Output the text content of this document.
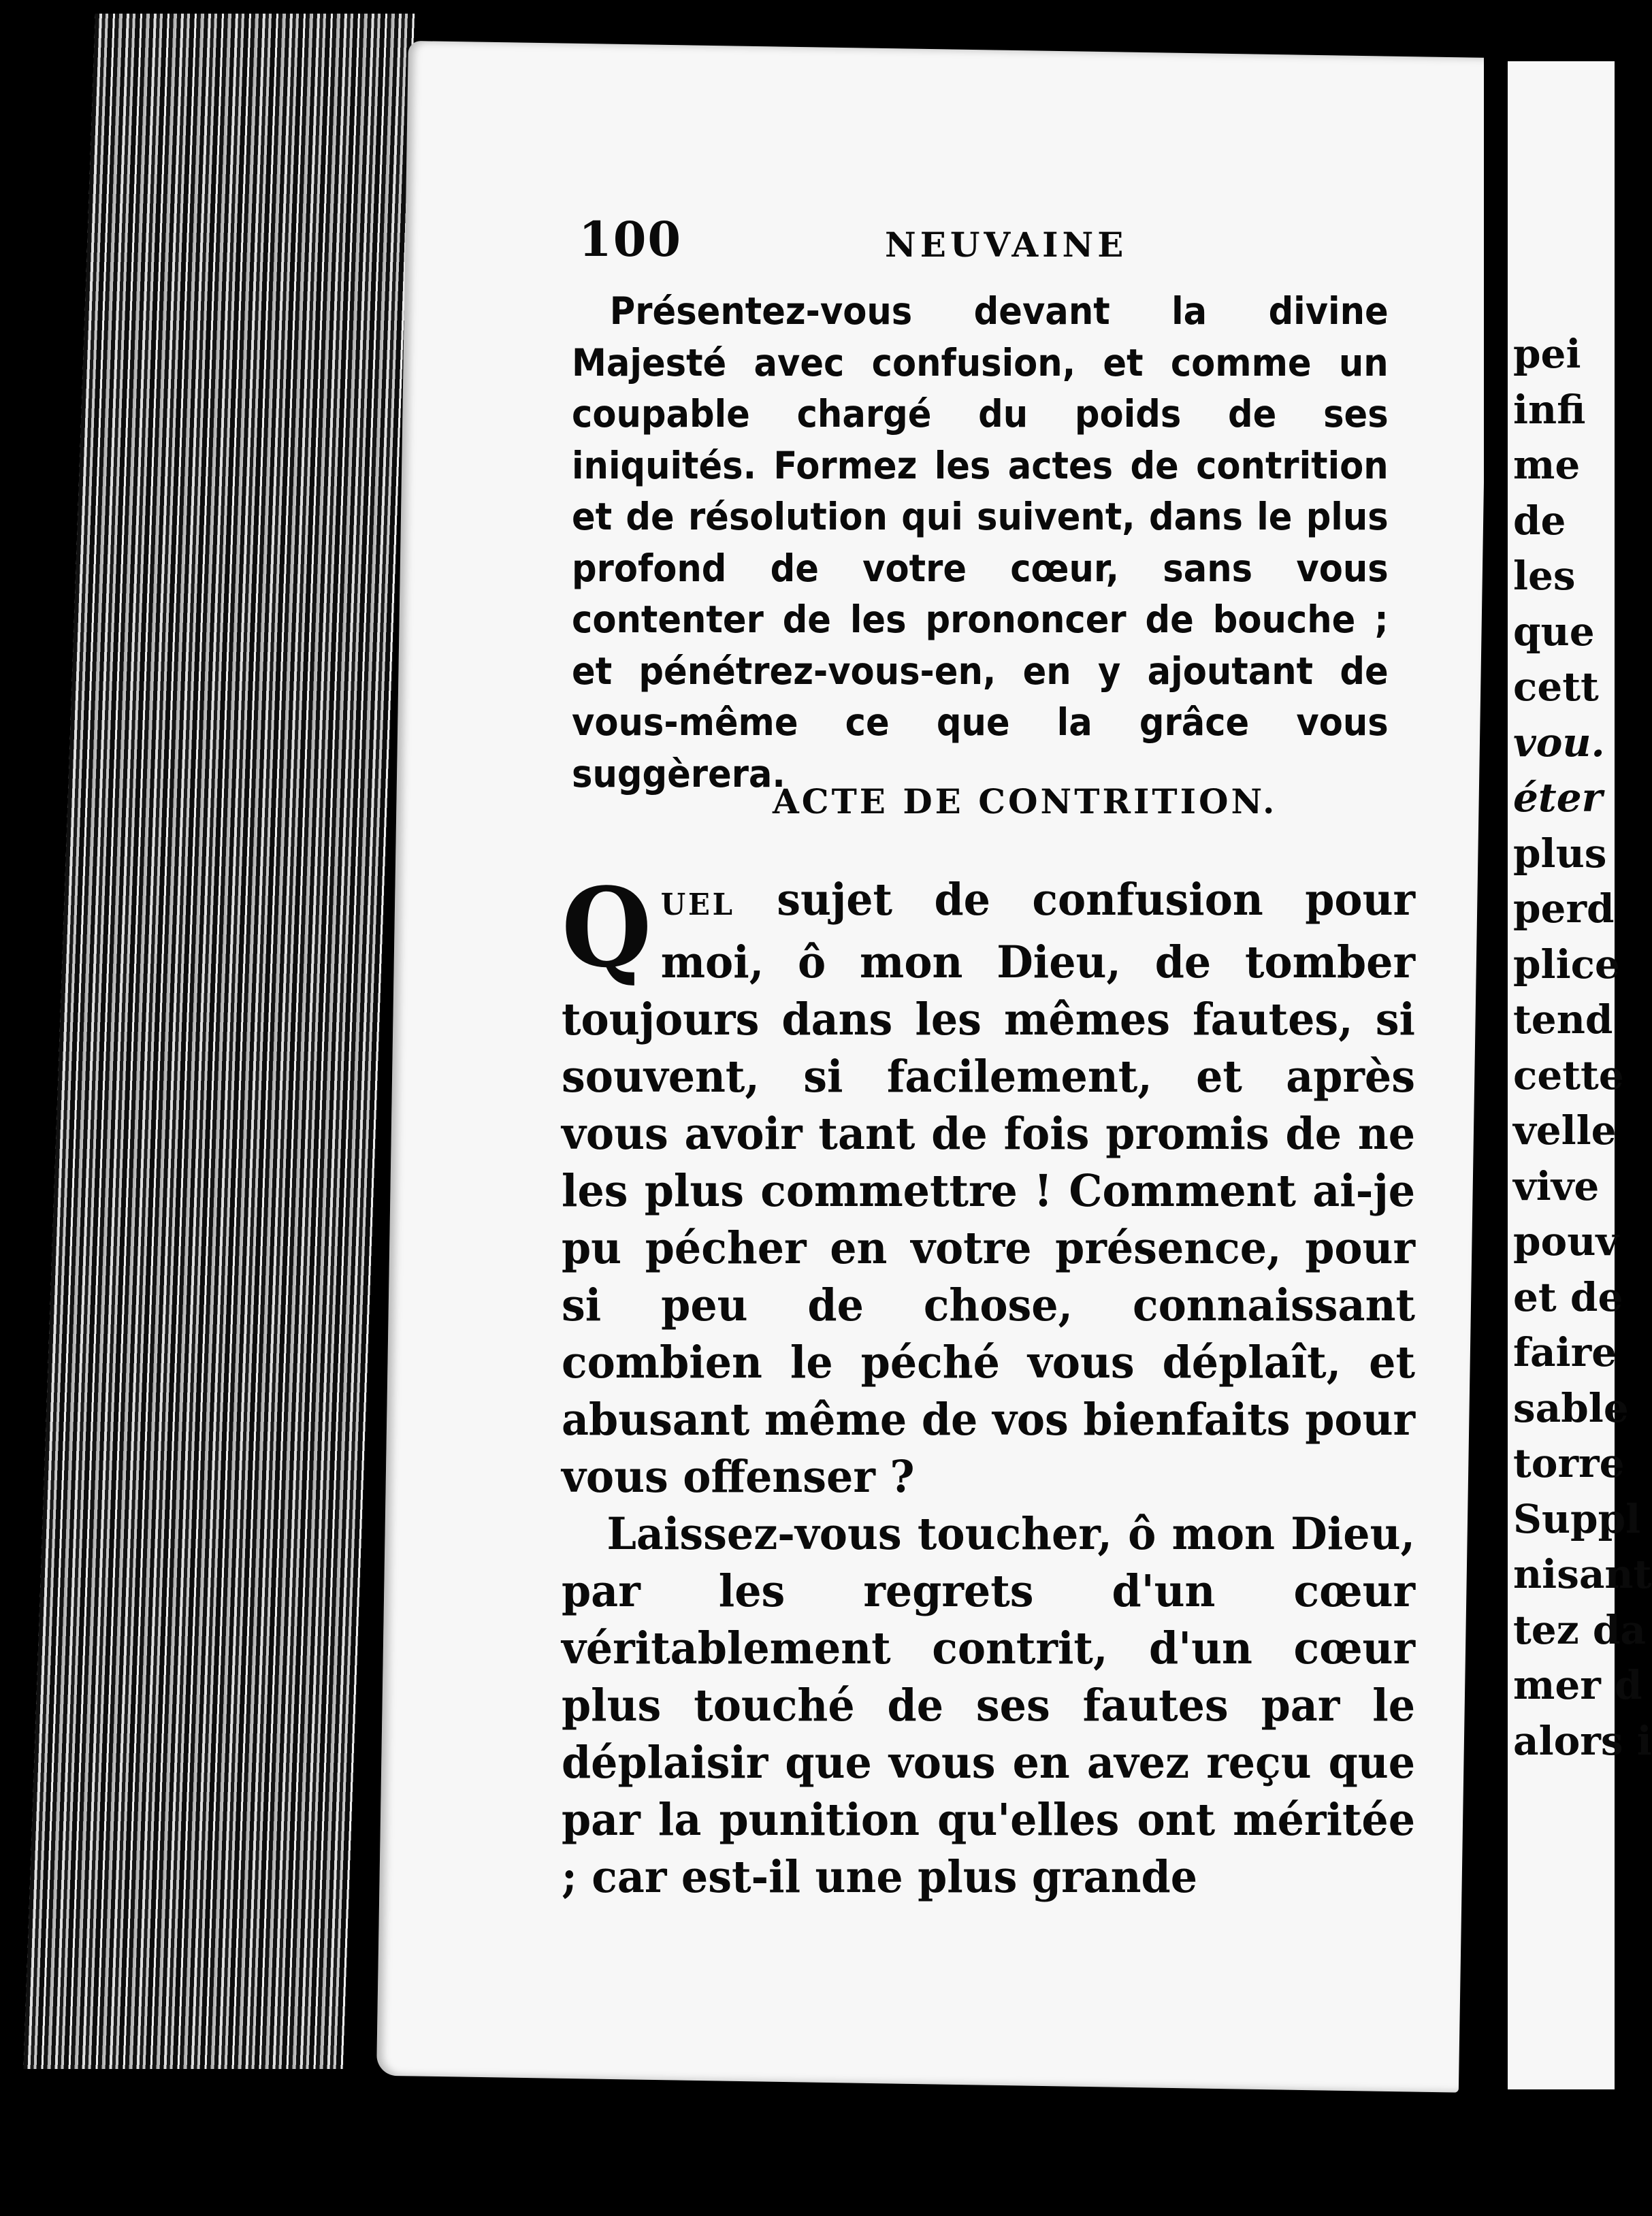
pei
infi
me
de
les
que
cett
vou.
éter
plus
perd
plice
tend
cette
velle
vive
pouv
et de
faire
sable
torre
Suppl
nisant
tez da
mer d
alors i
100	NEUVAINE

Présentez-vous devant la divine Majesté avec confusion, et comme un coupable chargé du poids de ses iniquités. Formez les actes de contrition et de résolution qui suivent, dans le plus profond de votre cœur, sans vous contenter de les prononcer de bouche ; et pénétrez-vous-en, en y ajoutant de vous-même ce que la grâce vous suggèrera.

ACTE DE CONTRITION.

Q UEL sujet de confusion pour moi, ô mon Dieu, de tomber toujours dans les mêmes fautes, si souvent, si facilement, et après vous avoir tant de fois promis de ne les plus commettre ! Comment ai-je pu pécher en votre présence, pour si peu de chose, connaissant combien le péché vous déplaît, et abusant même de vos bienfaits pour vous offenser ?

Laissez-vous toucher, ô mon Dieu, par les regrets d'un cœur véritablement contrit, d'un cœur plus touché de ses fautes par le déplaisir que vous en avez reçu que par la punition qu'elles ont méritée ; car est-il une plus grande
